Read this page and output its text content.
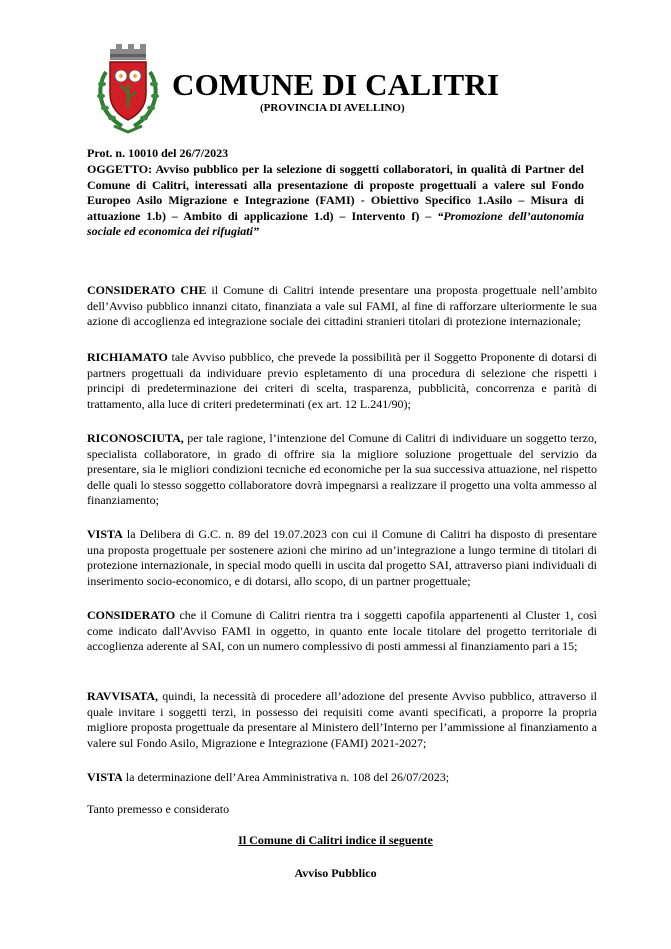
COMUNE DI CALITRI
(PROVINCIA DI AVELLINO)
Prot. n. 10010 del 26/7/2023
OGGETTO: Avviso pubblico per la selezione di soggetti collaboratori, in qualità di Partner del Comune di Calitri, interessati alla presentazione di proposte progettuali a valere sul Fondo Europeo Asilo Migrazione e Integrazione (FAMI) - Obiettivo Specifico 1.Asilo – Misura di attuazione 1.b) – Ambito di applicazione 1.d) – Intervento f) – “Promozione dell’autonomia sociale ed economica dei rifugiati”
CONSIDERATO CHE il Comune di Calitri intende presentare una proposta progettuale nell’ambito dell’Avviso pubblico innanzi citato, finanziata a vale sul FAMI, al fine di rafforzare ulteriormente le sua azione di accoglienza ed integrazione sociale dei cittadini stranieri titolari di protezione internazionale;
RICHIAMATO tale Avviso pubblico, che prevede la possibilità per il Soggetto Proponente di dotarsi di partners progettuali da individuare previo espletamento di una procedura di selezione che rispetti i principi di predeterminazione dei criteri di scelta, trasparenza, pubblicità, concorrenza e parità di trattamento, alla luce di criteri predeterminati (ex art. 12 L.241/90);
RICONOSCIUTA, per tale ragione, l’intenzione del Comune di Calitri di individuare un soggetto terzo, specialista collaboratore, in grado di offrire sia la migliore soluzione progettuale del servizio da presentare, sia le migliori condizioni tecniche ed economiche per la sua successiva attuazione, nel rispetto delle quali lo stesso soggetto collaboratore dovrà impegnarsi a realizzare il progetto una volta ammesso al finanziamento;
VISTA la Delibera di G.C. n. 89 del 19.07.2023 con cui il Comune di Calitri ha disposto di presentare una proposta progettuale per sostenere azioni che mirino ad un’integrazione a lungo termine di titolari di protezione internazionale, in special modo quelli in uscita dal progetto SAI, attraverso piani individuali di inserimento socio-economico, e di dotarsi, allo scopo, di un partner progettuale;
CONSIDERATO che il Comune di Calitri rientra tra i soggetti capofila appartenenti al Cluster 1, così come indicato dall'Avviso FAMI in oggetto, in quanto ente locale titolare del progetto territoriale di accoglienza aderente al SAI, con un numero complessivo di posti ammessi al finanziamento pari a 15;
RAVVISATA, quindi, la necessità di procedere all’adozione del presente Avviso pubblico, attraverso il quale invitare i soggetti terzi, in possesso dei requisiti come avanti specificati, a proporre la propria migliore proposta progettuale da presentare al Ministero dell’Interno per l’ammissione al finanziamento a valere sul Fondo Asilo, Migrazione e Integrazione (FAMI) 2021-2027;
VISTA la determinazione dell’Area Amministrativa n. 108 del 26/07/2023;
Tanto premesso e considerato
Il Comune di Calitri indice il seguente
Avviso Pubblico
